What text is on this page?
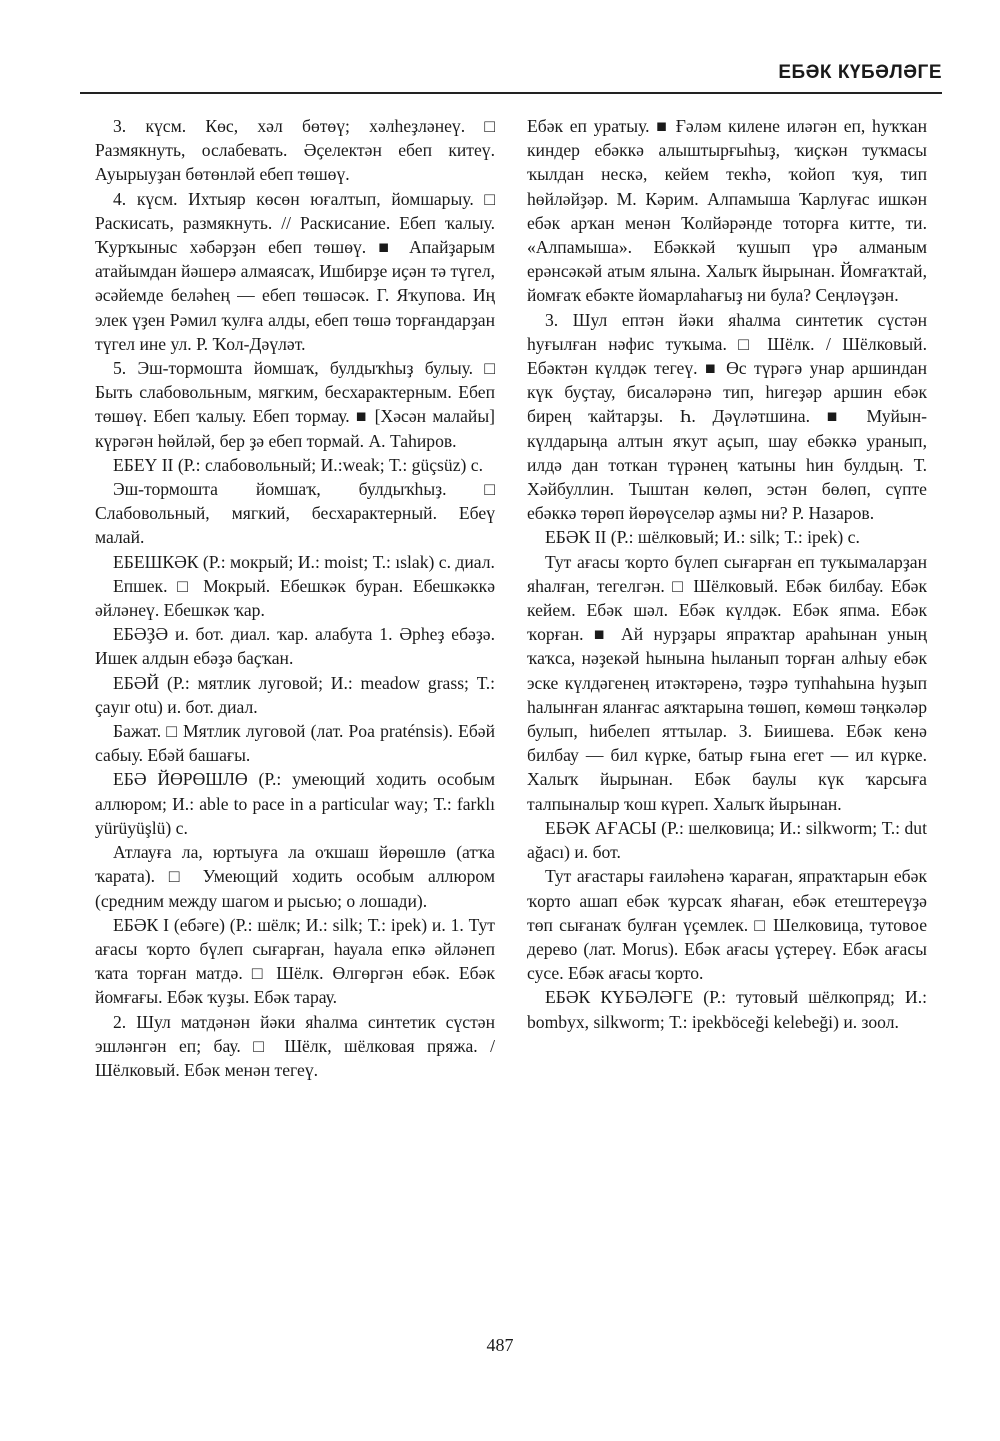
ЕБӘК КҮБӘЛӘГЕ

3. күсм. Көс, хәл бөтөү; хәлһеҙләнеү. □ Размякнуть, ослабевать. Әҫелектән ебеп китеү. Ауырыуҙан бөтөнләй ебеп төшөү.

4. күсм. Ихтыяр көсөн юғалтып, йомшарыу. □ Раскисать, размякнуть. // Раскисание. Ебеп ҡалыу. Ҡурҡыныс хәбәрҙән ебеп төшөү. ■ Апайҙарым атайымдан йәшерә алмаясаҡ, Ишбирҙе иҫән тә түгел, әсәйемде беләһең — ебеп төшәсәк. Г. Яҡупова. Иң элек үҙен Рәмил ҡулға алды, ебеп төшә торғандарҙан түгел ине ул. Р. Ҡол-Дәүләт.

5. Эш-тормошта йомшаҡ, булдыҡһыҙ булыу. □ Быть слабовольным, мягким, бесхарактерным. Ебеп төшөү. Ебеп ҡалыу. Ебеп тормау. ■ [Хәсән малайы] күрәгән һөйләй, бер ҙә ебеп тормай. А. Таһиров.

ЕБЕҮ II (Р.: слабовольный; И.:weak; Т.: güçsüz) с.

Эш-тормошта йомшаҡ, булдыҡһыҙ. □ Слабовольный, мягкий, бесхарактерный. Ебеү малай.

ЕБЕШКӘК (Р.: мокрый; И.: moist; Т.: ıslak) с. диал.

Епшек. □ Мокрый. Ебешкәк буран. Ебешкәккә әйләнеү. Ебешкәк ҡар.

ЕБӘҘӘ и. бот. диал. ҡар. алабута 1. Әрһеҙ ебәҙә. Ишек алдын ебәҙә баҫҡан.

ЕБӘЙ (Р.: мятлик луговой; И.: meadow grass; Т.: çayır otu) и. бот. диал.

Бажат. □ Мятлик луговой (лат. Poa praténsis). Ебәй сабыу. Ебәй башағы.

ЕБӘ ЙӨРӨШЛӨ (Р.: умеющий ходить особым аллюром; И.: able to pace in a particular way; Т.: farklı yürüyüşlü) с.

Атлауға ла, юртыуға ла оҡшаш йөрөшлө (атҡа ҡарата). □ Умеющий ходить особым аллюром (средним между шагом и рысью; о лошади).

ЕБӘК I (ебәге) (Р.: шёлк; И.: silk; Т.: ipek) и. 1. Тут ағасы ҡорто бүлеп сығарған, һауала епкә әйләнеп ҡата торған матдә. □ Шёлк. Өлгөргән ебәк. Ебәк йомғағы. Ебәк ҡуҙы. Ебәк тарау.

2. Шул матдәнән йәки яһалма синтетик сүстән эшләнгән еп; бау. □ Шёлк, шёлковая пряжа. / Шёлковый. Ебәк менән тегеү.

Ебәк еп уратыу. ■ Ғәләм килене иләгән еп, һуҡҡан киндер ебәккә алыштырғыһыҙ, ҡиҫкән туҡмасы ҡылдан нескә, кейем текһә, ҡойоп ҡуя, тип һөйләйҙәр. М. Кәрим. Алпамыша Ҡарлуғас ишкән ебәк арҡан менән Ҡолйәрәнде тоторға китте, ти. «Алпамыша». Ебәккәй ҡушып үрә алманым ерәнсәкәй атым ялына. Халыҡ йырынан. Йомғаҡтай, йомғаҡ ебәкте йомарлаһағыҙ ни була? Сеңләүҙән.

3. Шул ептән йәки яһалма синтетик сүстән һуғылған нәфис туҡыма. □ Шёлк. / Шёлковый. Ебәктән күлдәк тегеү. ■ Өс түрәгә унар аршиндан күк буҫтау, бисаләрәнә тип, һигеҙәр аршин ебәк бирең ҡайтарҙы. Һ. Дәүләтшина. ■ Муйын-күлдарыңа алтын яҡут аҫып, шау ебәккә уранып, илдә дан тоткан түрәнең ҡатыны һин булдың. Т. Хәйбуллин. Тыштан көлөп, эстән бөлөп, сүпте ебәккә төрөп йөрөүселәр аҙмы ни? Р. Назаров.

ЕБӘК II (Р.: шёлковый; И.: silk; Т.: ipek) с.

Тут ағасы ҡорто бүлеп сығарған еп туҡымаларҙан яһалған, тегелгән. □ Шёлковый. Ебәк билбау. Ебәк кейем. Ебәк шәл. Ебәк күлдәк. Ебәк япма. Ебәк ҡорған. ■ Ай нурҙары япраҡтар араһынан уның ҡаҡса, нәҙекәй һынына һыланып торған алһыу ебәк эске күлдәгенең итәктәренә, тәҙрә тупһаһына һуҙып һалынған яланғас аяҡтарына төшөп, көмөш тәңкәләр булып, һибелеп яттылар. З. Биишева. Ебәк кенә билбау — бил күрке, батыр ғына егет — ил күрке. Халыҡ йырынан. Ебәк баулы күк ҡарсыға талпыналыр ҡош күреп. Халыҡ йырынан.

ЕБӘК АҒАСЫ (Р.: шелковица; И.: silkworm; Т.: dut ağacı) и. бот.

Тут ағастары ғаиләһенә ҡараған, япраҡтарын ебәк ҡорто ашап ебәк ҡурсаҡ яһаған, ебәк етештереүҙә төп сығанаҡ булған үҫемлек. □ Шелковица, тутовое дерево (лат. Morus). Ебәк ағасы үҫтереү. Ебәк ағасы сусе. Ебәк ағасы ҡорто.

ЕБӘК КҮБӘЛӘГЕ (Р.: тутовый шёлкопряд; И.: bombyx, silkworm; Т.: ipekböceği kelebeği) и. зоол.

487
